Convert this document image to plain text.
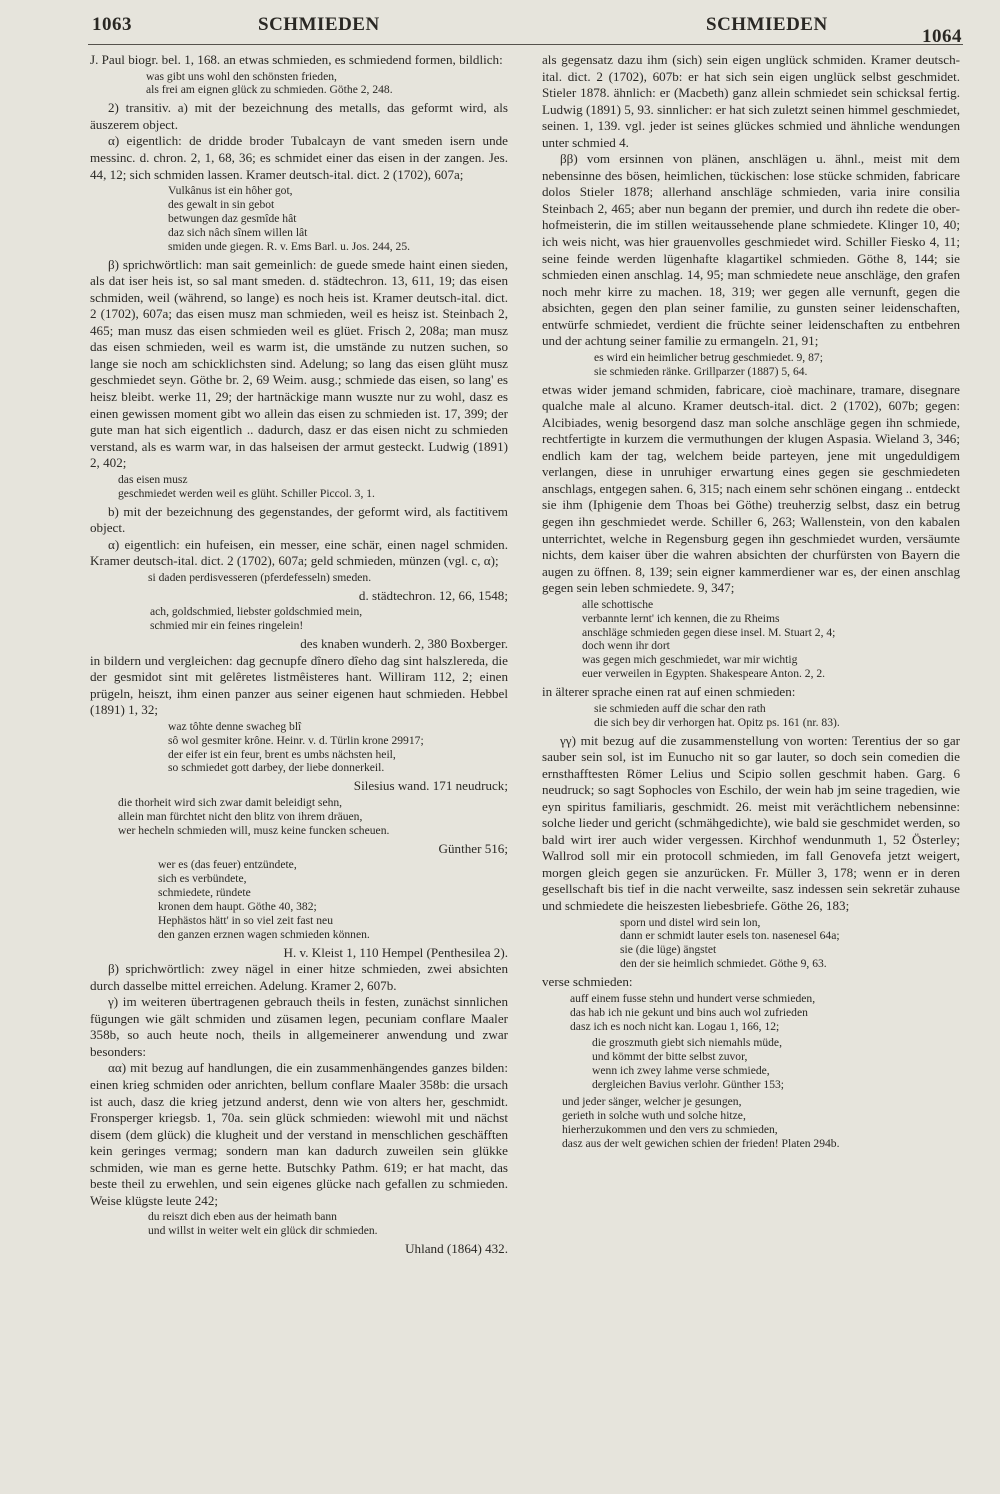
1063	SCHMIEDEN	SCHMIEDEN
1064

J. Paul biogr. bel. 1, 168. an etwas schmieden, es schmiedend formen, bildlich:

was gibt uns wohl den schönsten frieden,
als frei am eignen glück zu schmieden. Göthe 2, 248.

2) transitiv. a) mit der bezeichnung des metalls, das geformt wird, als äuszerem object.

α) eigentlich: de dridde broder Tubalcayn de vant smeden isern unde messinc. d. chron. 2, 1, 68, 36; es schmidet einer das eisen in der zangen. Jes. 44, 12; sich schmiden lassen. Kramer deutsch-ital. dict. 2 (1702), 607a;

Vulkânus ist ein hôher got,
des gewalt in sin gebot
betwungen daz gesmîde hât
daz sich nâch sînem willen lât
smiden unde giegen. R. v. Ems Barl. u. Jos. 244, 25.

β) sprichwörtlich: man sait gemeinlich: de guede smede haint einen sieden, als dat iser heis ist, so sal mant smeden. d. städtechron. 13, 611, 19; das eisen schmiden, weil (während, so lange) es noch heis ist. Kramer deutsch-ital. dict. 2 (1702), 607a; das eisen musz man schmieden, weil es heisz ist. Steinbach 2, 465; man musz das eisen schmieden weil es glüet. Frisch 2, 208a; man musz das eisen schmieden, weil es warm ist, die umstände zu nutzen suchen, so lange sie noch am schicklichsten sind. Adelung; so lang das eisen glüht musz geschmiedet seyn. Göthe br. 2, 69 Weim. ausg.; schmiede das eisen, so lang' es heisz bleibt. werke 11, 29; der hartnäckige mann wuszte nur zu wohl, dasz es einen gewissen moment gibt wo allein das eisen zu schmieden ist. 17, 399; der gute man hat sich eigentlich .. dadurch, dasz er das eisen nicht zu schmieden verstand, als es warm war, in das halseisen der armut gesteckt. Ludwig (1891) 2, 402;

das eisen musz
geschmiedet werden weil es glüht. Schiller Piccol. 3, 1.

b) mit der bezeichnung des gegenstandes, der geformt wird, als factitivem object.

α) eigentlich: ein hufeisen, ein messer, eine schär, einen nagel schmiden. Kramer deutsch-ital. dict. 2 (1702), 607a; geld schmieden, münzen (vgl. c, α);

si daden perdisvesseren (pferdefesseln) smeden.

d. städtechron. 12, 66, 1548;

ach, goldschmied, liebster goldschmied mein,
schmied mir ein feines ringelein!

des knaben wunderh. 2, 380 Boxberger.

in bildern und vergleichen: dag gecnupfe dînero dîeho dag sint halszlereda, die der gesmidot sint mit gelêretes listmêisteres hant. Williram 112, 2; einen prügeln, heiszt, ihm einen panzer aus seiner eigenen haut schmieden. Hebbel (1891) 1, 32;

waz tôhte denne swacheg blî
sô wol gesmiter krône. Heinr. v. d. Türlin krone 29917;
der eifer ist ein feur, brent es umbs nächsten heil,
so schmiedet gott darbey, der liebe donnerkeil.

Silesius wand. 171 neudruck;

die thorheit wird sich zwar damit beleidigt sehn,
allein man fürchtet nicht den blitz von ihrem dräuen,
wer hecheln schmieden will, musz keine funcken scheuen.

Günther 516;

wer es (das feuer) entzündete,
sich es verbündete,
schmiedete, ründete
kronen dem haupt. Göthe 40, 382;
Hephästos hätt' in so viel zeit fast neu
den ganzen erznen wagen schmieden können.

H. v. Kleist 1, 110 Hempel (Penthesilea 2).

β) sprichwörtlich: zwey nägel in einer hitze schmieden, zwei absichten durch dasselbe mittel erreichen. Adelung. Kramer 2, 607b.

γ) im weiteren übertragenen gebrauch theils in festen, zunächst sinnlichen fügungen wie gält schmiden und züsamen legen, pecuniam conflare Maaler 358b, so auch heute noch, theils in allgemeinerer anwendung und zwar besonders:

αα) mit bezug auf handlungen, die ein zusammenhängendes ganzes bilden: einen krieg schmiden oder anrichten, bellum conflare Maaler 358b: die ursach ist auch, dasz die krieg jetzund anderst, denn wie von alters her, geschmidt. Fronsperger kriegsb. 1, 70a. sein glück schmieden: wiewohl mit und nächst disem (dem glück) die klugheit und der verstand in menschlichen geschäfften kein geringes vermag; sondern man kan dadurch zuweilen sein glükke schmiden, wie man es gerne hette. Butschky Pathm. 619; er hat macht, das beste theil zu erwehlen, und sein eigenes glücke nach gefallen zu schmieden. Weise klügste leute 242;

du reiszt dich eben aus der heimath bann
und willst in weiter welt ein glück dir schmieden.

Uhland (1864) 432.

als gegensatz dazu ihm (sich) sein eigen unglück schmiden. Kramer deutsch-ital. dict. 2 (1702), 607b: er hat sich sein eigen unglück selbst geschmidet. Stieler 1878. ähnlich: er (Macbeth) ganz allein schmiedet sein schicksal fertig. Ludwig (1891) 5, 93. sinnlicher: er hat sich zuletzt seinen himmel geschmiedet, seinen. 1, 139. vgl. jeder ist seines glückes schmied und ähnliche wendungen unter schmied 4.

ββ) vom ersinnen von plänen, anschlägen u. ähnl., meist mit dem nebensinne des bösen, heimlichen, tückischen: lose stücke schmiden, fabricare dolos Stieler 1878; allerhand anschläge schmieden, varia inire consilia Steinbach 2, 465; aber nun begann der premier, und durch ihn redete die ober-hofmeisterin, die im stillen weitaussehende plane schmiedete. Klinger 10, 40; ich weis nicht, was hier grauenvolles geschmiedet wird. Schiller Fiesko 4, 11; seine feinde werden lügenhafte klagartikel schmieden. Göthe 8, 144; sie schmieden einen anschlag. 14, 95; man schmiedete neue anschläge, den grafen noch mehr kirre zu machen. 18, 319; wer gegen alle vernunft, gegen die absichten, gegen den plan seiner familie, zu gunsten seiner leidenschaften, entwürfe schmiedet, verdient die früchte seiner leidenschaften zu entbehren und der achtung seiner familie zu ermangeln. 21, 91;

es wird ein heimlicher betrug geschmiedet. 9, 87;
sie schmieden ränke. Grillparzer (1887) 5, 64.

etwas wider jemand schmiden, fabricare, cioè machinare, tramare, disegnare qualche male al alcuno. Kramer deutsch-ital. dict. 2 (1702), 607b; gegen: Alcibiades, wenig besorgend dasz man solche anschläge gegen ihn schmiede, rechtfertigte in kurzem die vermuthungen der klugen Aspasia. Wieland 3, 346; endlich kam der tag, welchem beide parteyen, jene mit ungeduldigem verlangen, diese in unruhiger erwartung eines gegen sie geschmiedeten anschlags, entgegen sahen. 6, 315; nach einem sehr schönen eingang .. entdeckt sie ihm (Iphigenie dem Thoas bei Göthe) treuherzig selbst, dasz ein betrug gegen ihn geschmiedet werde. Schiller 6, 263; Wallenstein, von den kabalen unterrichtet, welche in Regensburg gegen ihn geschmiedet wurden, versäumte nichts, dem kaiser über die wahren absichten der churfürsten von Bayern die augen zu öffnen. 8, 139; sein eigner kammerdiener war es, der einen anschlag gegen sein leben schmiedete. 9, 347;

alle schottische
verbannte lernt' ich kennen, die zu Rheims
anschläge schmieden gegen diese insel. M. Stuart 2, 4;
doch wenn ihr dort
was gegen mich geschmiedet, war mir wichtig
euer verweilen in Egypten. Shakespeare Anton. 2, 2.

in älterer sprache einen rat auf einen schmieden:

sie schmieden auff die schar den rath
die sich bey dir verhorgen hat. Opitz ps. 161 (nr. 83).

γγ) mit bezug auf die zusammenstellung von worten: Terentius der so gar sauber sein sol, ist im Eunucho nit so gar lauter, so doch sein comedien die ernsthafftesten Römer Lelius und Scipio sollen geschmit haben. Garg. 6 neudruck; so sagt Sophocles von Eschilo, der wein hab jm seine tragedien, wie eyn spiritus familiaris, geschmidt. 26. meist mit verächtlichem nebensinne: solche lieder und gericht (schmähgedichte), wie bald sie geschmidet werden, so bald wirt irer auch wider vergessen. Kirchhof wendunmuth 1, 52 Österley; Wallrod soll mir ein protocoll schmieden, im fall Genovefa jetzt weigert, morgen gleich gegen sie anzurücken. Fr. Müller 3, 178; wenn er in deren gesellschaft bis tief in die nacht verweilte, sasz indessen sein sekretär zuhause und schmiedete die heiszesten liebesbriefe. Göthe 26, 183;

sporn und distel wird sein lon,
dann er schmidt lauter esels ton. nasenesel 64a;
sie (die lüge) ängstet
den der sie heimlich schmiedet. Göthe 9, 63.

verse schmieden:

auff einem fusse stehn und hundert verse schmieden,
das hab ich nie gekunt und bins auch wol zufrieden
dasz ich es noch nicht kan. Logau 1, 166, 12;
die groszmuth giebt sich niemahls müde,
und kömmt der bitte selbst zuvor,
wenn ich zwey lahme verse schmiede,
dergleichen Bavius verlohr. Günther 153;
und jeder sänger, welcher je gesungen,
gerieth in solche wuth und solche hitze,
hierherzukommen und den vers zu schmieden,
dasz aus der welt gewichen schien der frieden! Platen 294b.
